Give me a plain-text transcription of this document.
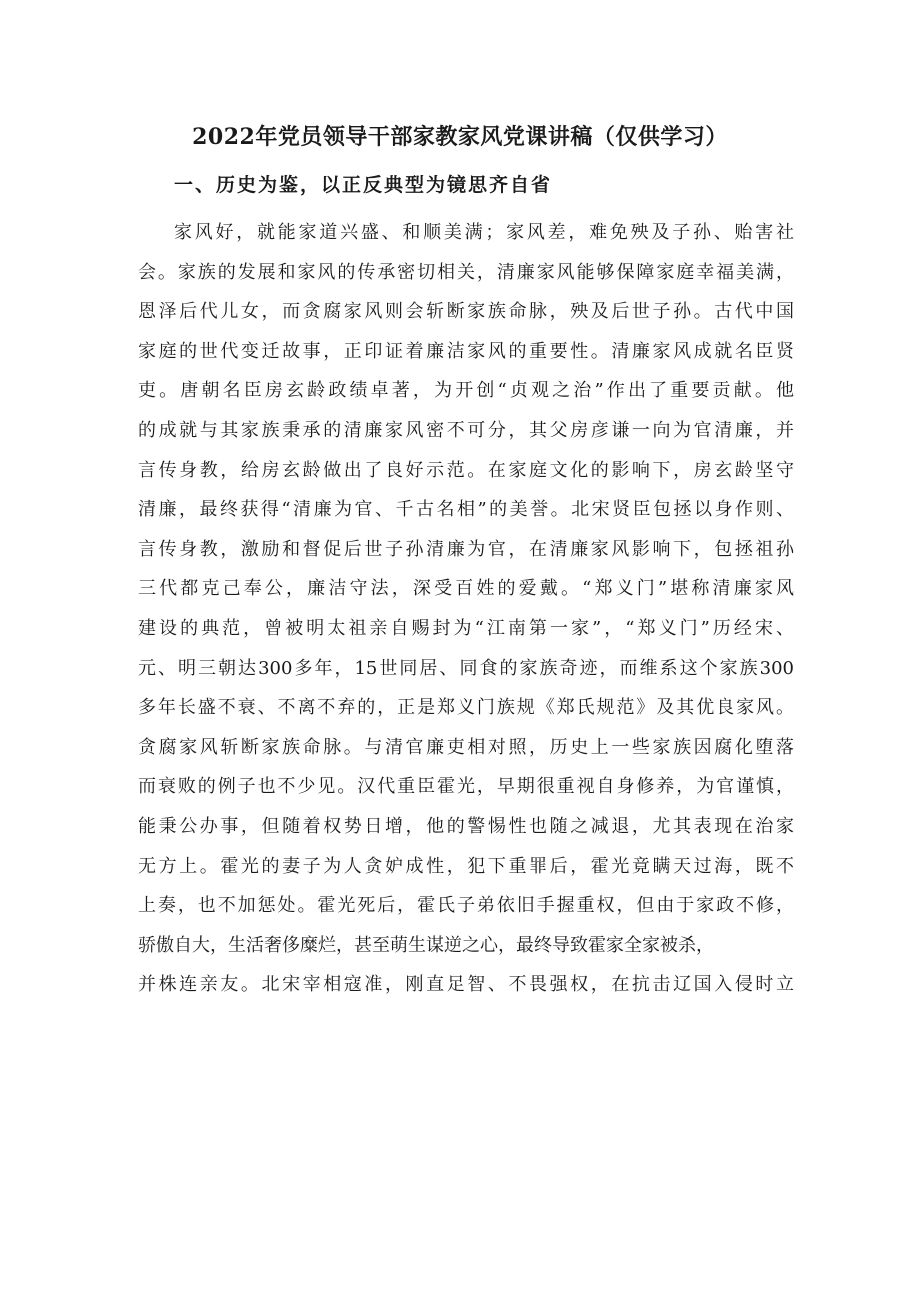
2022年党员领导干部家教家风党课讲稿（仅供学习）
一、历史为鉴，以正反典型为镜思齐自省
家风好，就能家道兴盛、和顺美满；家风差，难免殃及子孙、贻害社
会。家族的发展和家风的传承密切相关，清廉家风能够保障家庭幸福美满，
恩泽后代儿女，而贪腐家风则会斩断家族命脉，殃及后世子孙。古代中国
家庭的世代变迁故事，正印证着廉洁家风的重要性。清廉家风成就名臣贤
吏。唐朝名臣房玄龄政绩卓著，为开创“贞观之治”作出了重要贡献。他
的成就与其家族秉承的清廉家风密不可分，其父房彦谦一向为官清廉，并
言传身教，给房玄龄做出了良好示范。在家庭文化的影响下，房玄龄坚守
清廉，最终获得“清廉为官、千古名相”的美誉。北宋贤臣包拯以身作则、
言传身教，激励和督促后世子孙清廉为官，在清廉家风影响下，包拯祖孙
三代都克己奉公，廉洁守法，深受百姓的爱戴。“郑义门”堪称清廉家风
建设的典范，曾被明太祖亲自赐封为“江南第一家”，“郑义门”历经宋、
元、明三朝达300多年，15世同居、同食的家族奇迹，而维系这个家族300
多年长盛不衰、不离不弃的，正是郑义门族规《郑氏规范》及其优良家风。
贪腐家风斩断家族命脉。与清官廉吏相对照，历史上一些家族因腐化堕落
而衰败的例子也不少见。汉代重臣霍光，早期很重视自身修养，为官谨慎，
能秉公办事，但随着权势日增，他的警惕性也随之减退，尤其表现在治家
无方上。霍光的妻子为人贪妒成性，犯下重罪后，霍光竟瞒天过海，既不
上奏，也不加惩处。霍光死后，霍氏子弟依旧手握重权，但由于家政不修，
骄傲自大，生活奢侈糜烂，甚至萌生谋逆之心，最终导致霍家全家被杀，
并株连亲友。北宋宰相寇准，刚直足智、不畏强权，在抗击辽国入侵时立
